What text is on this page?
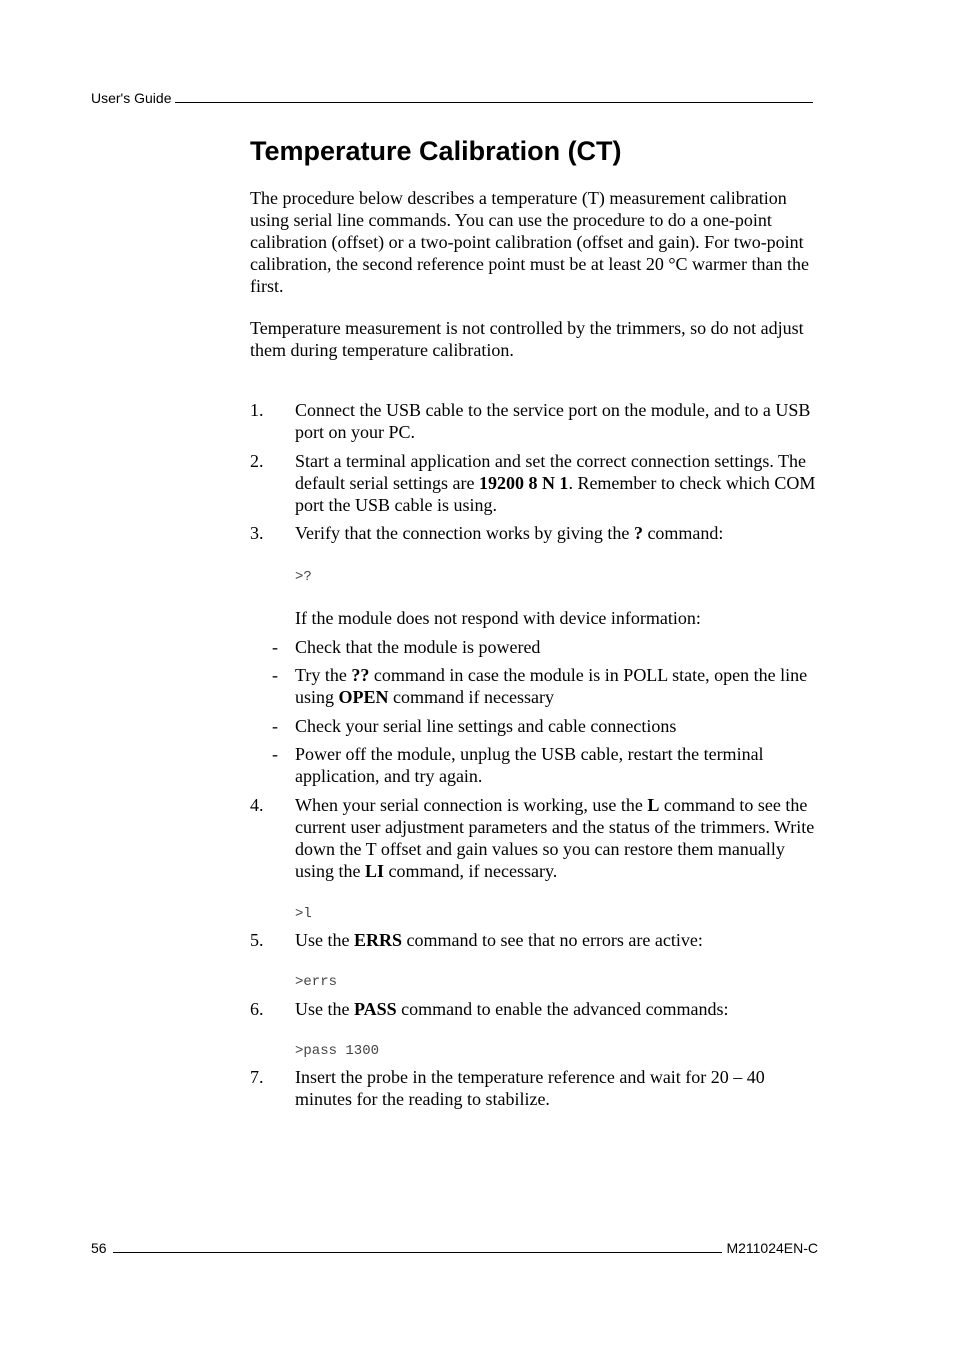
User's Guide
Temperature Calibration (CT)

The procedure below describes a temperature (T) measurement calibration using serial line commands. You can use the procedure to do a one-point calibration (offset) or a two-point calibration (offset and gain). For two-point calibration, the second reference point must be at least 20 °C warmer than the first.

Temperature measurement is not controlled by the trimmers, so do not adjust them during temperature calibration.

1. Connect the USB cable to the service port on the module, and to a USB port on your PC.

2. Start a terminal application and set the correct connection settings. The default serial settings are 19200 8 N 1. Remember to check which COM port the USB cable is using.

3. Verify that the connection works by giving the ? command:

>?

If the module does not respond with device information:

- Check that the module is powered

- Try the ?? command in case the module is in POLL state, open the line using OPEN command if necessary

- Check your serial line settings and cable connections

- Power off the module, unplug the USB cable, restart the terminal application, and try again.

4. When your serial connection is working, use the L command to see the current user adjustment parameters and the status of the trimmers. Write down the T offset and gain values so you can restore them manually using the LI command, if necessary.

>l
5. Use the ERRS command to see that no errors are active:

>errs
6. Use the PASS command to enable the advanced commands:

>pass 1300
7. Insert the probe in the temperature reference and wait for 20 – 40 minutes for the reading to stabilize.

56	M211024EN-C
